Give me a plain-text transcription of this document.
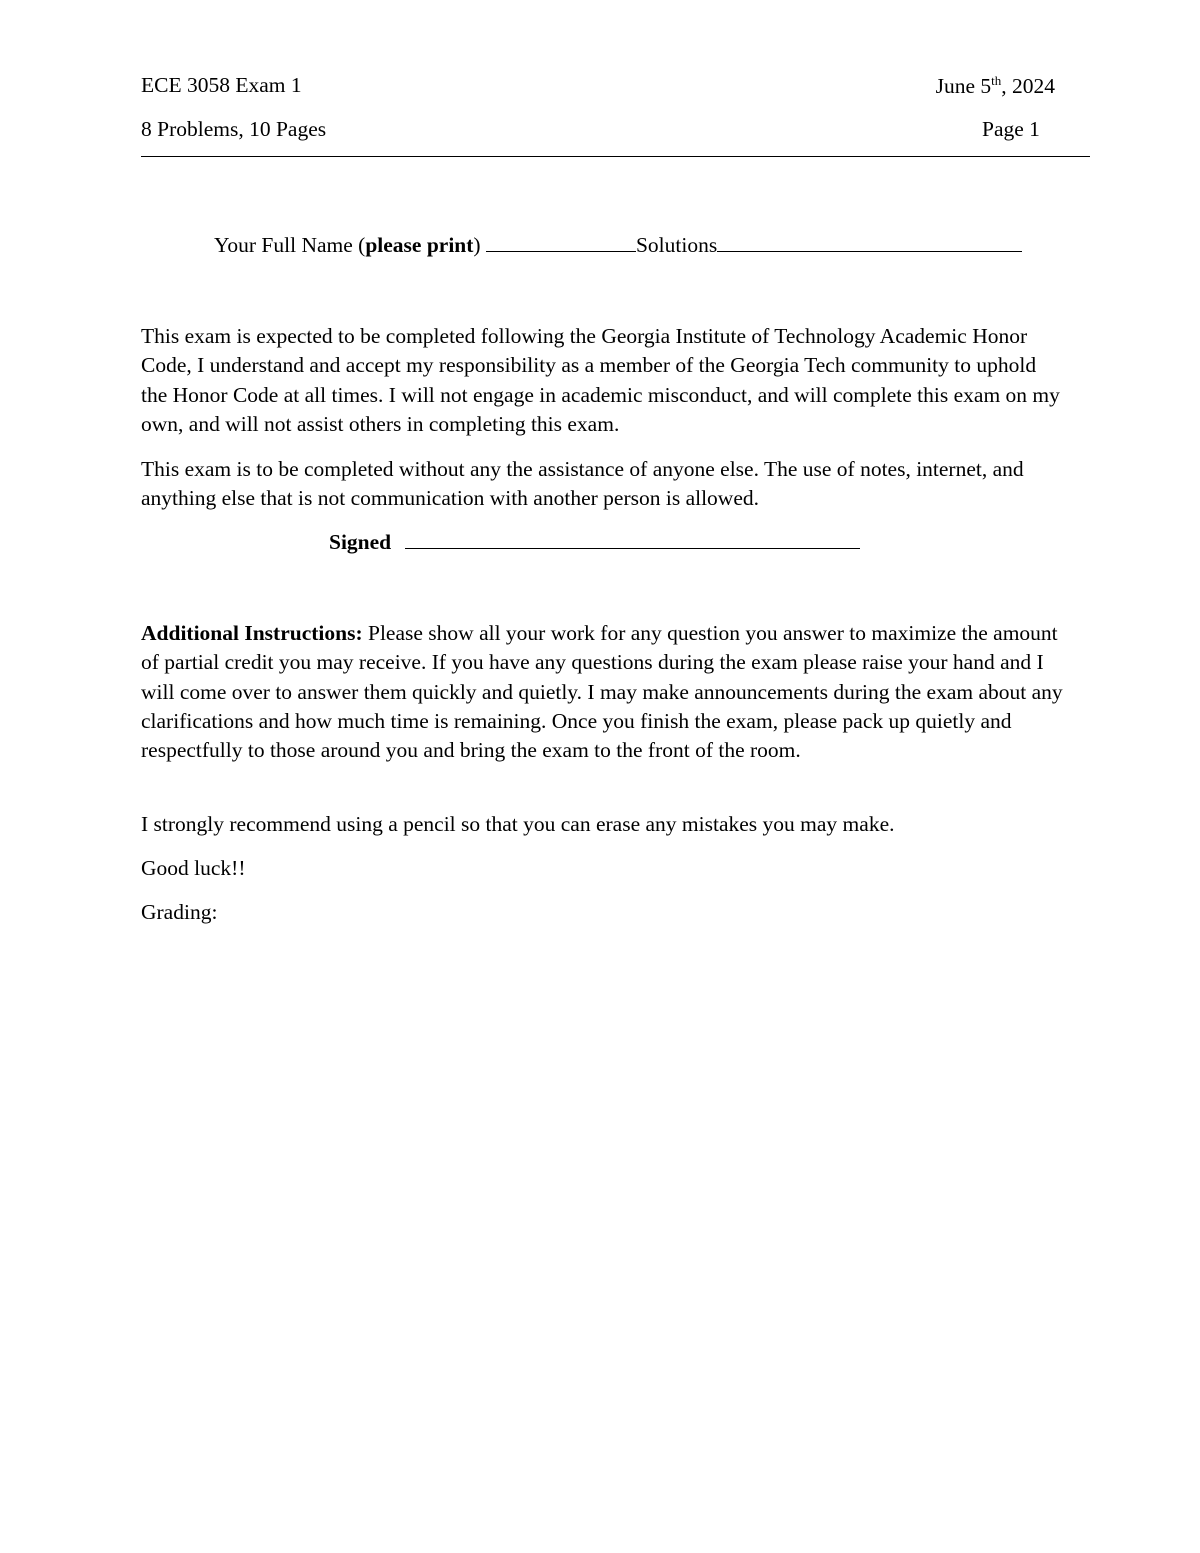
ECE 3058 Exam 1	June 5th, 2024
8 Problems, 10 Pages	Page 1
Your Full Name (please print)	Solutions
This exam is expected to be completed following the Georgia Institute of Technology Academic Honor Code, I understand and accept my responsibility as a member of the Georgia Tech community to uphold the Honor Code at all times. I will not engage in academic misconduct, and will complete this exam on my own, and will not assist others in completing this exam.
This exam is to be completed without any the assistance of anyone else. The use of notes, internet, and anything else that is not communication with another person is allowed.
Signed
Additional Instructions: Please show all your work for any question you answer to maximize the amount of partial credit you may receive. If you have any questions during the exam please raise your hand and I will come over to answer them quickly and quietly. I may make announcements during the exam about any clarifications and how much time is remaining. Once you finish the exam, please pack up quietly and respectfully to those around you and bring the exam to the front of the room.
I strongly recommend using a pencil so that you can erase any mistakes you may make.
Good luck!!
Grading:
